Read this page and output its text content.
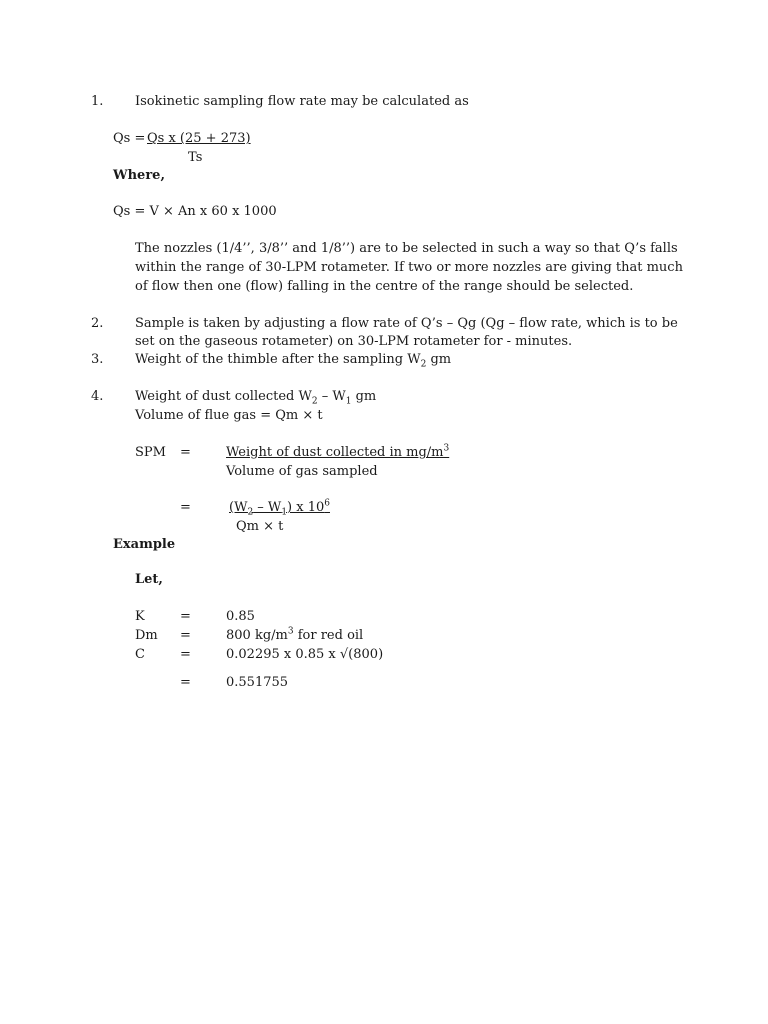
1. Isokinetic sampling flow rate may be calculated as
Qs = Qs x (25 + 273)
Ts
Where,
Qs = V × An x 60 x 1000
The nozzles (1/4’’, 3/8’’ and 1/8’’) are to be selected in such a way so that Q’s falls
within the range of 30-LPM rotameter. If two or more nozzles are giving that much
of flow then one (flow) falling in the centre of the range should be selected.
2. Sample is taken by adjusting a flow rate of Q’s – Qg (Qg – flow rate, which is to be
set on the gaseous rotameter) on 30-LPM rotameter for - minutes.
3. Weight of the thimble after the sampling $W_2$ gm
4. Weight of dust collected $W_2 - W_1$ gm
Volume of flue gas = Qm × t
SPM =	Weight of dust collected in $mg/m^3$
Volume of gas sampled
=	$(W_2 - W_1)$ x $10^6$
Qm × t
Example
Let,
K	=	0.85
Dm =	800 $kg/m^3$ for red oil
C	=	0.02295 x 0.85 x √(800)
=	0.551755
